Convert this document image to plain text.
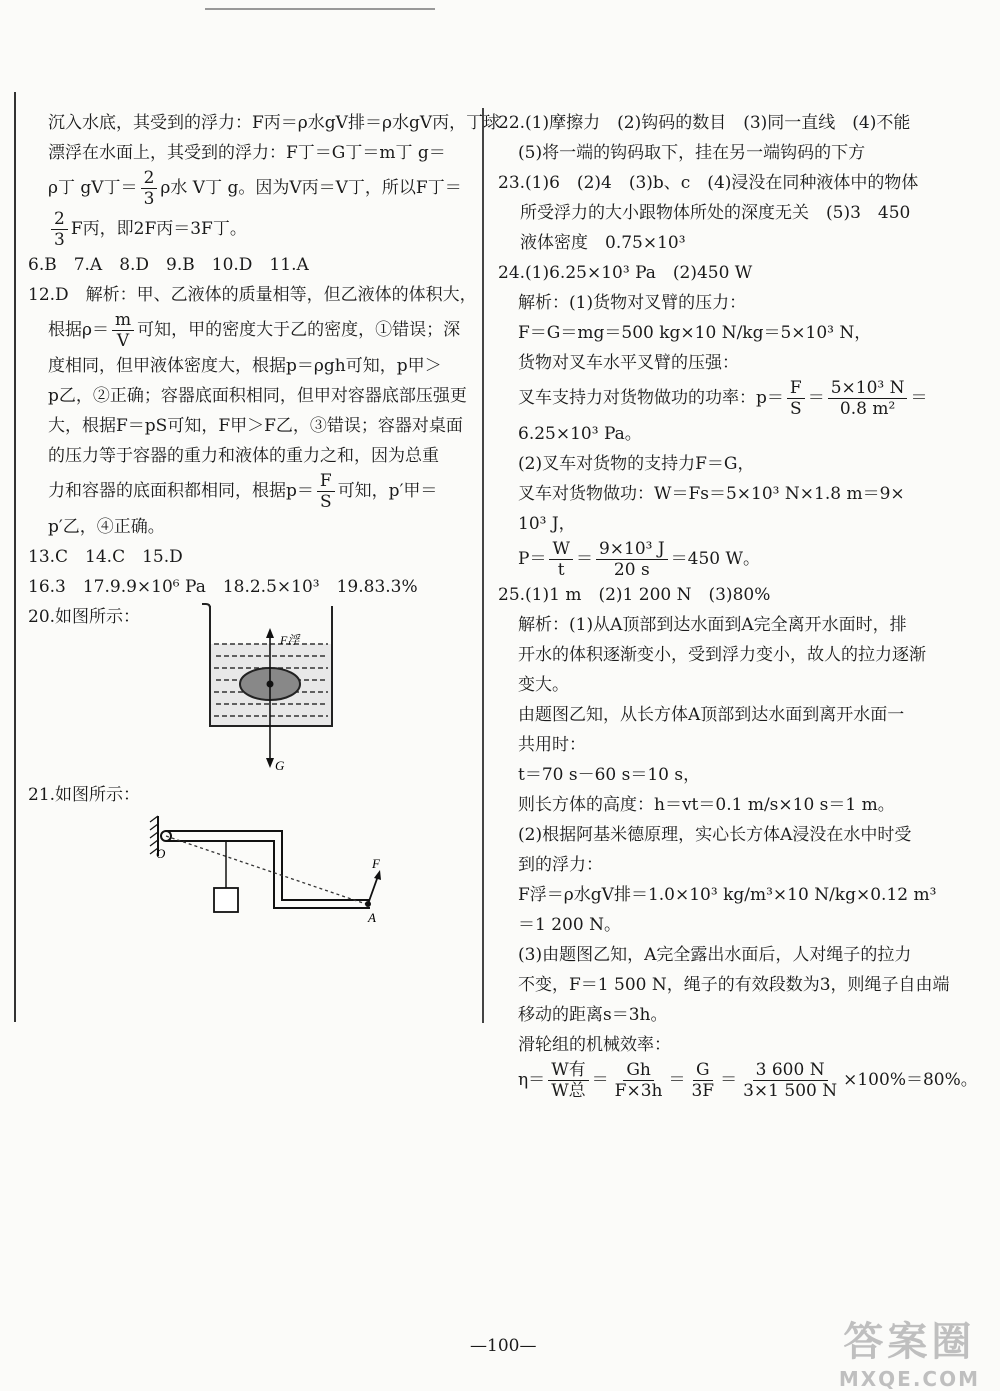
沉入水底，其受到的浮力：F丙＝ρ水gV排＝ρ水gV丙，丁球
漂浮在水面上，其受到的浮力：F丁＝G丁＝m丁 g＝
ρ丁 gV丁＝ $\frac{2}{3}$ ρ水 V丁 g。因为V丙＝V丁，所以F丁＝
$\frac{2}{3}$ F丙，即2F丙＝3F丁。
6.B　7.A　8.D　9.B　10.D　11.A
12.D　解析：甲、乙液体的质量相等，但乙液体的体积大，
根据$\rho= \frac{m}{V}$ 可知，甲的密度大于乙的密度，①错误；深
度相同，但甲液体密度大，根据p＝ρgh可知，p甲＞
p乙，②正确；容器底面积相同，但甲对容器底部压强更
大，根据F＝pS可知，F甲＞F乙，③错误；容器对桌面
的压力等于容器的重力和液体的重力之和，因为总重
力和容器的底面积都相同，根据$p= \frac{F}{S}$ 可知，p′甲＝
p′乙，④正确。
13.C　14.C　15.D
16.3　17.9.9×10⁶ Pa　18.2.5×10³　19.83.3%
20.如图所示：
F浮
G
21.如图所示：
O
F
A
22.(1)摩擦力　(2)钩码的数目　(3)同一直线　(4)不能
(5)将一端的钩码取下，挂在另一端钩码的下方
23.(1)6　(2)4　(3)b、c　(4)浸没在同种液体中的物体
所受浮力的大小跟物体所处的深度无关　(5)3　450
液体密度　0.75×10³
24.(1)6.25×10³ Pa　(2)450 W
解析：(1)货物对叉臂的压力：
F＝G＝mg＝500 kg×10 N/kg＝5×10³ N，
货物对叉车水平叉臂的压强：
叉车支持力对货物做功的功率：$p= \frac{F}{S} = \frac{\text{5×10³ N}}{\text{0.8 m²}}$ ＝
6.25×10³ Pa。
(2)叉车对货物的支持力F＝G，
叉车对货物做功：W＝Fs＝5×10³ N×1.8 m＝9×
10³ J，
$P= \frac{W}{t} = \frac{\text{9×10³ J}}{20 s} =450$ W。
25.(1)1 m　(2)1 200 N　(3)80%
解析：(1)从A顶部到达水面到A完全离开水面时，排
开水的体积逐渐变小，受到浮力变小，故人的拉力逐渐
变大。
由题图乙知，从长方体A顶部到达水面到离开水面一
共用时：
t＝70 s－60 s＝10 s，
则长方体的高度：h＝vt＝0.1 m/s×10 s＝1 m。
(2)根据阿基米德原理，实心长方体A浸没在水中时受
到的浮力：
F浮＝ρ水gV排＝1.0×10³ kg/m³×10 N/kg×0.12 m³
＝1 200 N。
(3)由题图乙知，A完全露出水面后，人对绳子的拉力
不变，F＝1 500 N，绳子的有效段数为3，则绳子自由端
移动的距离s＝3h。
滑轮组的机械效率：
$\eta= \frac{\text{W有}}{\text{W总}} = \frac{Gh}{F\times 3h} = \frac{G}{3F} = \frac{3 600 N}{3\times 1 500 N} \times 100\%=80\%$。
—100—	答案圈
MXQE.COM
